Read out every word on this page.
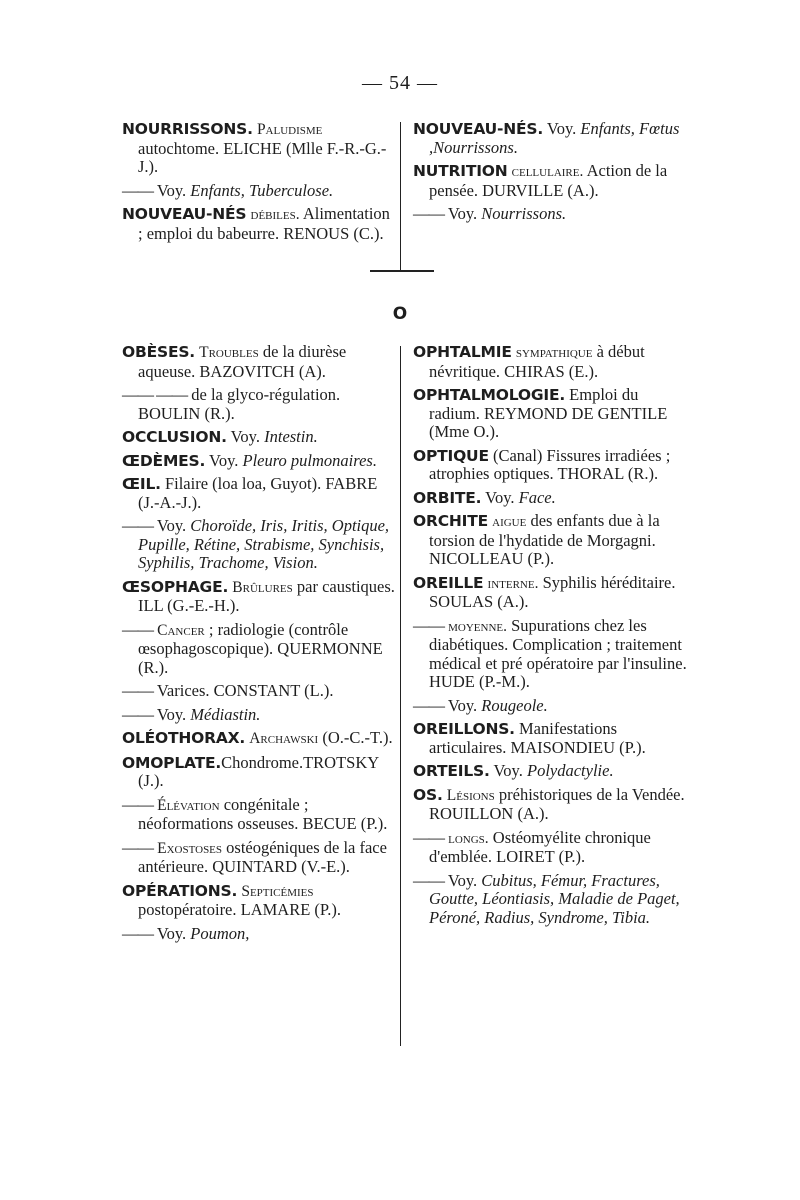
— 54 —
NOURRISSONS. Paludisme autochtome. ELICHE (Mlle F.-R.-G.-J.).
—— Voy. Enfants, Tuberculose.
NOUVEAU-NÉS débiles. Alimentation ; emploi du babeurre. RENOUS (C.).
NOUVEAU-NÉS. Voy. Enfants, Fœtus ,Nourrissons.
NUTRITION cellulaire. Action de la pensée. DURVILLE (A.).
—— Voy. Nourrissons.
O
OBÈSES. Troubles de la diurèse aqueuse. BAZOVITCH (A).
—— —— de la glyco-régulation. BOULIN (R.).
OCCLUSION. Voy. Intestin.
ŒDÈMES. Voy. Pleuro pulmonaires.
ŒIL. Filaire (loa loa, Guyot). FABRE (J.-A.-J.).
—— Voy. Choroïde, Iris, Iritis, Optique, Pupille, Rétine, Strabisme, Synchisis, Syphilis, Trachome, Vision.
ŒSOPHAGE. Brûlures par caustiques. ILL (G.-E.-H.).
—— Cancer ; radiologie (contrôle œsophagoscopique). QUERMONNE (R.).
—— Varices. CONSTANT (L.).
—— Voy. Médiastin.
OLÉOTHORAX. Archawski (O.-C.-T.).
OMOPLATE.Chondrome.TROTSKY (J.).
—— Élévation congénitale ; néoformations osseuses. BECUE (P.).
—— Exostoses ostéogéniques de la face antérieure. QUINTARD (V.-E.).
OPÉRATIONS. Septicémies postopératoire. LAMARE (P.).
—— Voy. Poumon,
OPHTALMIE sympathique à début névritique. CHIRAS (E.).
OPHTALMOLOGIE. Emploi du radium. REYMOND DE GENTILE (Mme O.).
OPTIQUE (Canal) Fissures irradiées ; atrophies optiques. THORAL (R.).
ORBITE. Voy. Face.
ORCHITE aigue des enfants due à la torsion de l'hydatide de Morgagni. NICOLLEAU (P.).
OREILLE interne. Syphilis héréditaire. SOULAS (A.).
—— moyenne. Supurations chez les diabétiques. Complication ; traitement médical et pré opératoire par l'insuline. HUDE (P.-M.).
—— Voy. Rougeole.
OREILLONS. Manifestations articulaires. MAISONDIEU (P.).
ORTEILS. Voy. Polydactylie.
OS. Lésions préhistoriques de la Vendée. ROUILLON (A.).
—— longs. Ostéomyélite chronique d'emblée. LOIRET (P.).
—— Voy. Cubitus, Fémur, Fractures, Goutte, Léontiasis, Maladie de Paget, Péroné, Radius, Syndrome, Tibia.
